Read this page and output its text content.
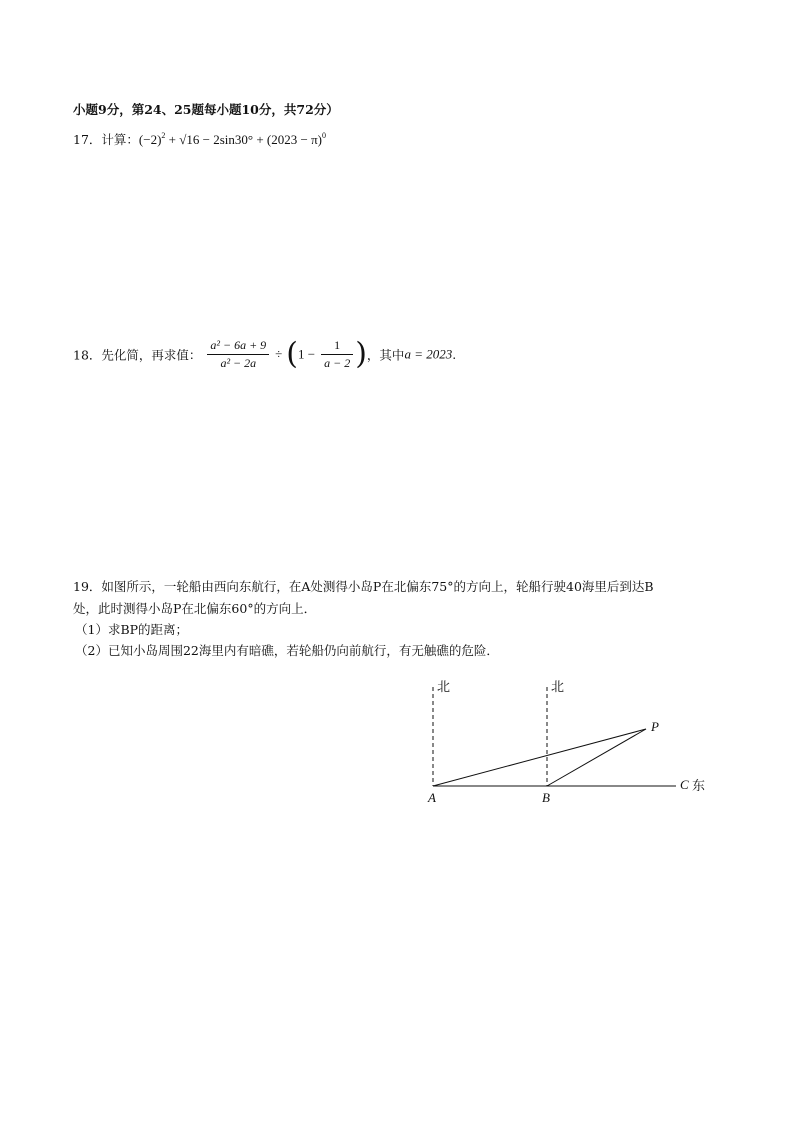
小题9分，第24、25题每小题10分，共72分）
17．计算：$(-2)^2 + √16 - 2\sin 30^\circ + (2023 - \pi)^0$
18．先化简，再求值： $\frac{\text{a² − 6a + 9}}{\text{a² − 2a}} \div (1 - \frac{1}{a - 2}$ )，其中a = 2023.
19．如图所示，一轮船由西向东航行，在A处测得小岛P在北偏东75°的方向上，轮船行驶40海里后到达B
处，此时测得小岛P在北偏东60°的方向上．
（1）求BP的距离；
（2）已知小岛周围22海里内有暗礁，若轮船仍向前航行，有无触礁的危险．
北	北
A	B
C 东
P
